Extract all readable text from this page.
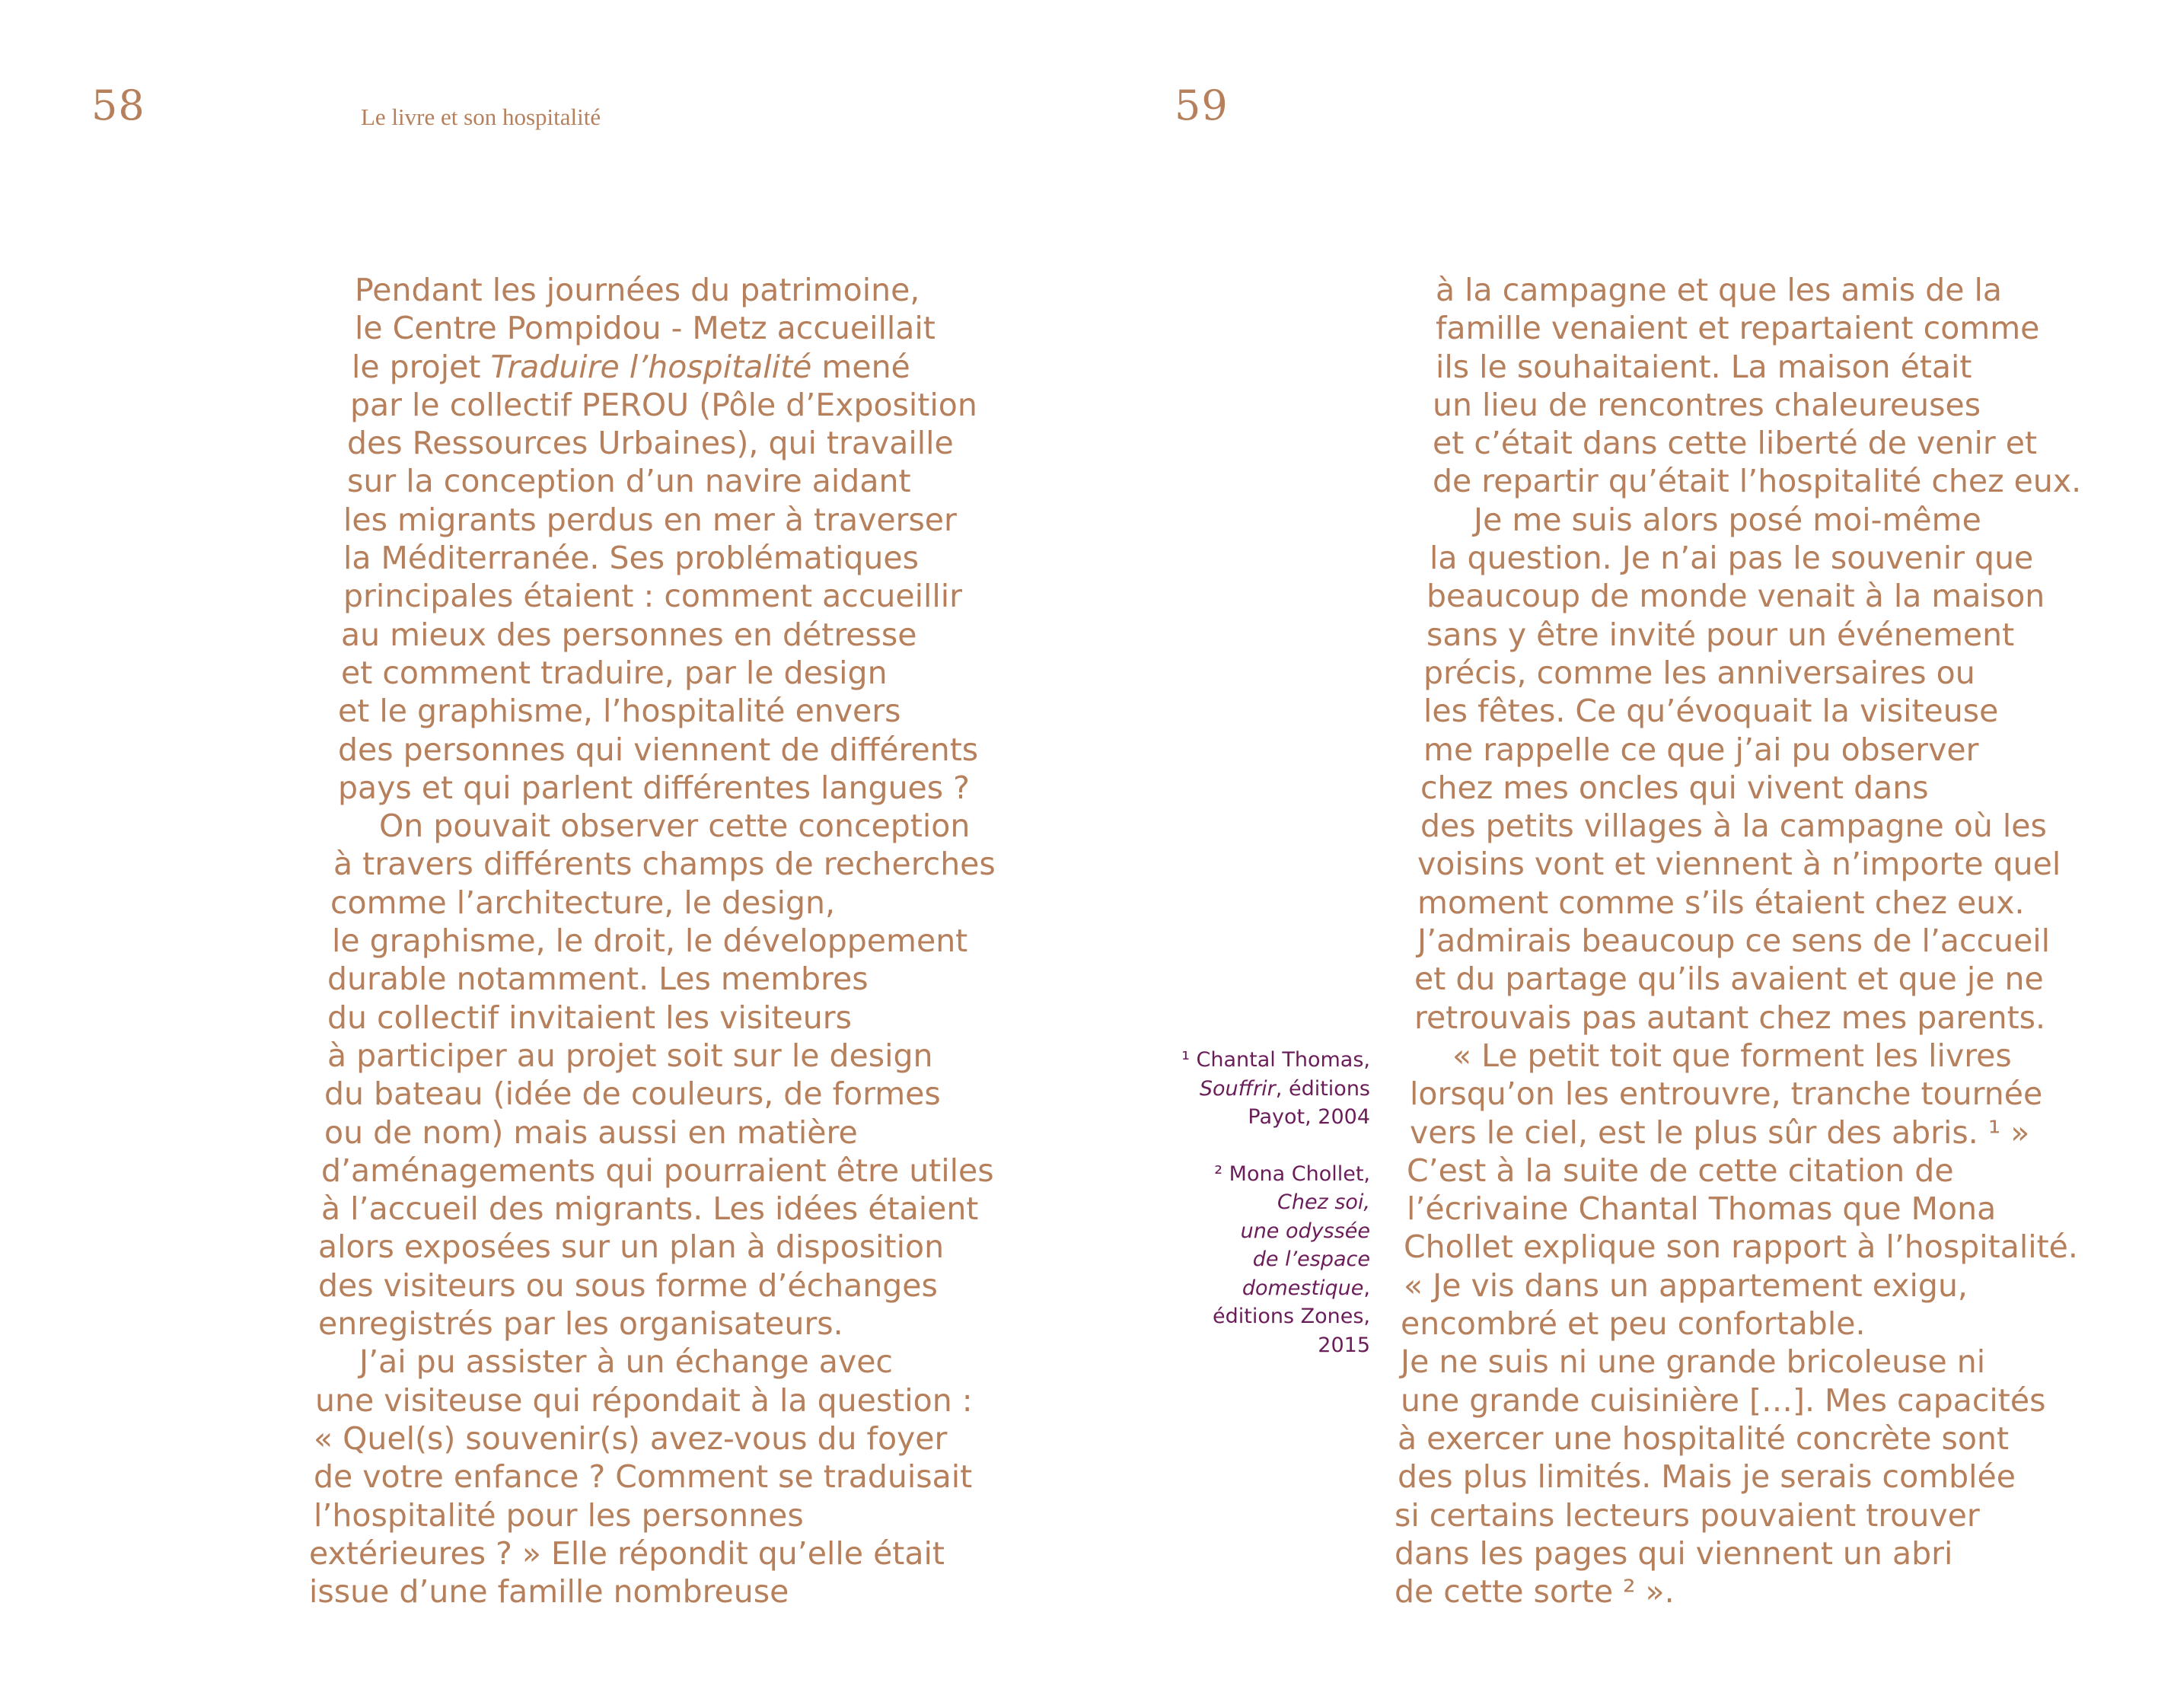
58	Le livre et son hospitalité
Pendant les journées du patrimoine,
le Centre Pompidou - Metz accueillait
le projet Traduire l’hospitalité mené
par le collectif PEROU (Pôle d’Exposition
des Ressources Urbaines), qui travaille
sur la conception d’un navire aidant
les migrants perdus en mer à traverser
la Méditerranée. Ses problématiques
principales étaient : comment accueillir
au mieux des personnes en détresse
et comment traduire, par le design
et le graphisme, l’hospitalité envers
des personnes qui viennent de différents
pays et qui parlent différentes langues ?
On pouvait observer cette conception
à travers différents champs de recherches
comme l’architecture, le design,
le graphisme, le droit, le développement
durable notamment. Les membres
du collectif invitaient les visiteurs
à participer au projet soit sur le design
du bateau (idée de couleurs, de formes
ou de nom) mais aussi en matière
d’aménagements qui pourraient être utiles
à l’accueil des migrants. Les idées étaient
alors exposées sur un plan à disposition
des visiteurs ou sous forme d’échanges
enregistrés par les organisateurs.
J’ai pu assister à un échange avec
une visiteuse qui répondait à la question :
« Quel(s) souvenir(s) avez-vous du foyer
de votre enfance ? Comment se traduisait
l’hospitalité pour les personnes
extérieures ? » Elle répondit qu’elle était
issue d’une famille nombreuse
59
¹ Chantal Thomas,
Souffrir, éditions
Payot, 2004
² Mona Chollet,
Chez soi,
une odyssée
de l’espace
domestique,
éditions Zones,
2015
à la campagne et que les amis de la
famille venaient et repartaient comme
ils le souhaitaient. La maison était
un lieu de rencontres chaleureuses
et c’était dans cette liberté de venir et
de repartir qu’était l’hospitalité chez eux.
Je me suis alors posé moi-même
la question. Je n’ai pas le souvenir que
beaucoup de monde venait à la maison
sans y être invité pour un événement
précis, comme les anniversaires ou
les fêtes. Ce qu’évoquait la visiteuse
me rappelle ce que j’ai pu observer
chez mes oncles qui vivent dans
des petits villages à la campagne où les
voisins vont et viennent à n’importe quel
moment comme s’ils étaient chez eux.
J’admirais beaucoup ce sens de l’accueil
et du partage qu’ils avaient et que je ne
retrouvais pas autant chez mes parents.
« Le petit toit que forment les livres
lorsqu’on les entrouvre, tranche tournée
vers le ciel, est le plus sûr des abris. ¹ »
C’est à la suite de cette citation de
l’écrivaine Chantal Thomas que Mona
Chollet explique son rapport à l’hospitalité.
« Je vis dans un appartement exigu,
encombré et peu confortable.
Je ne suis ni une grande bricoleuse ni
une grande cuisinière […]. Mes capacités
à exercer une hospitalité concrète sont
des plus limités. Mais je serais comblée
si certains lecteurs pouvaient trouver
dans les pages qui viennent un abri
de cette sorte ² ».
